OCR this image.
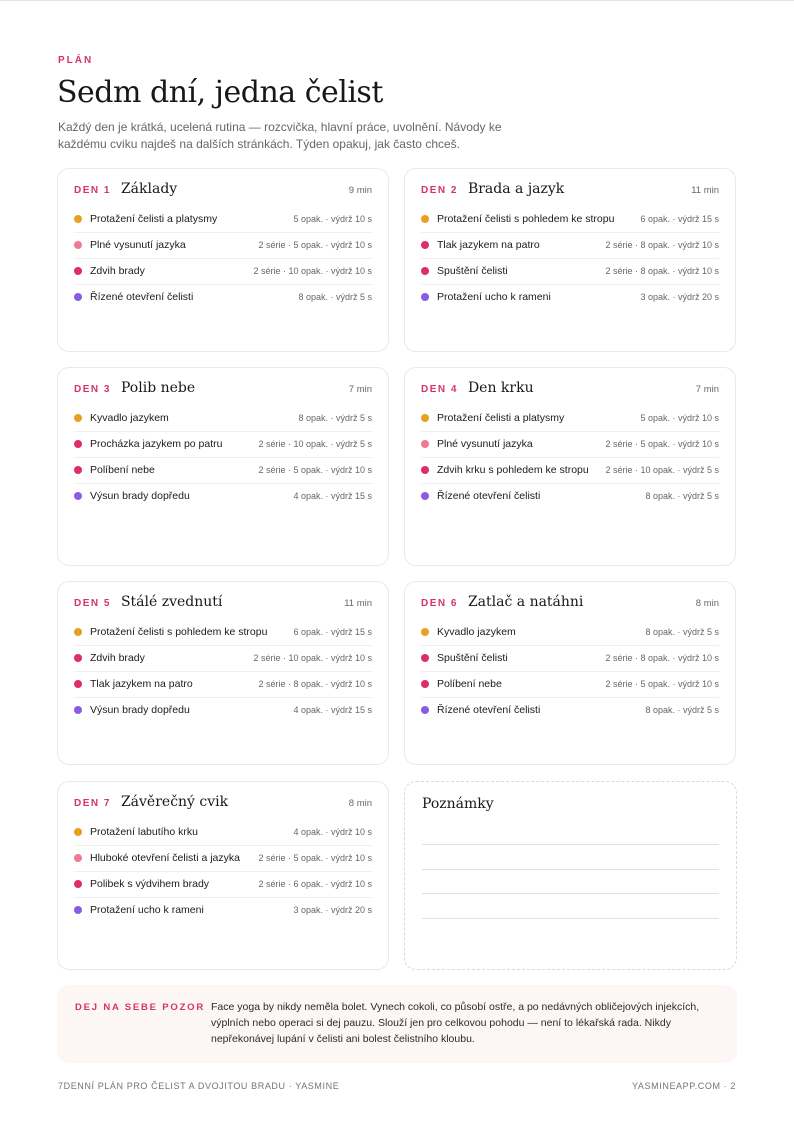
PLÁN
Sedm dní, jedna čelist

Každý den je krátká, ucelená rutina — rozcvička, hlavní práce, uvolnění. Návody ke každému cviku najdeš na dalších stránkách. Týden opakuj, jak často chceš.

DEN 1 Základy	9 min
Protažení čelisti a platysmy	5 opak. · výdrž 10 s
Plné vysunutí jazyka	2 série · 5 opak. · výdrž 10 s
Zdvih brady	2 série · 10 opak. · výdrž 10 s
Řízené otevření čelisti	8 opak. · výdrž 5 s
DEN 2 Brada a jazyk	11 min
Protažení čelisti s pohledem ke stropu	6 opak. · výdrž 15 s
Tlak jazykem na patro	2 série · 8 opak. · výdrž 10 s
Spuštění čelisti	2 série · 8 opak. · výdrž 10 s
Protažení ucho k rameni	3 opak. · výdrž 20 s
DEN 3 Polib nebe	7 min
Kyvadlo jazykem	8 opak. · výdrž 5 s
Procházka jazykem po patru	2 série · 10 opak. · výdrž 5 s
Políbení nebe	2 série · 5 opak. · výdrž 10 s
Výsun brady dopředu	4 opak. · výdrž 15 s
DEN 4 Den krku	7 min
Protažení čelisti a platysmy	5 opak. · výdrž 10 s
Plné vysunutí jazyka	2 série · 5 opak. · výdrž 10 s
Zdvih krku s pohledem ke stropu	2 série · 10 opak. · výdrž 5 s
Řízené otevření čelisti	8 opak. · výdrž 5 s
DEN 5 Stálé zvednutí	11 min
Protažení čelisti s pohledem ke stropu	6 opak. · výdrž 15 s
Zdvih brady	2 série · 10 opak. · výdrž 10 s
Tlak jazykem na patro	2 série · 8 opak. · výdrž 10 s
Výsun brady dopředu	4 opak. · výdrž 15 s
DEN 6 Zatlač a natáhni	8 min
Kyvadlo jazykem	8 opak. · výdrž 5 s
Spuštění čelisti	2 série · 8 opak. · výdrž 10 s
Políbení nebe	2 série · 5 opak. · výdrž 10 s
Řízené otevření čelisti	8 opak. · výdrž 5 s
DEN 7 Závěrečný cvik	8 min
Protažení labutího krku	4 opak. · výdrž 10 s
Hluboké otevření čelisti a jazyka	2 série · 5 opak. · výdrž 10 s
Polibek s výdvihem brady	2 série · 6 opak. · výdrž 10 s
Protažení ucho k rameni	3 opak. · výdrž 20 s
Poznámky
DEJ NA SEBE POZOR Face yoga by nikdy neměla bolet. Vynech cokoli, co působí ostře, a po nedávných obličejových injekcích, výplních nebo operaci si dej pauzu. Slouží jen pro celkovou pohodu — není to lékařská rada. Nikdy nepřekonávej lupání v čelisti ani bolest čelistního kloubu.
7DENNÍ PLÁN PRO ČELIST A DVOJITOU BRADU · YASMINE	YASMINEAPP.COM · 2
